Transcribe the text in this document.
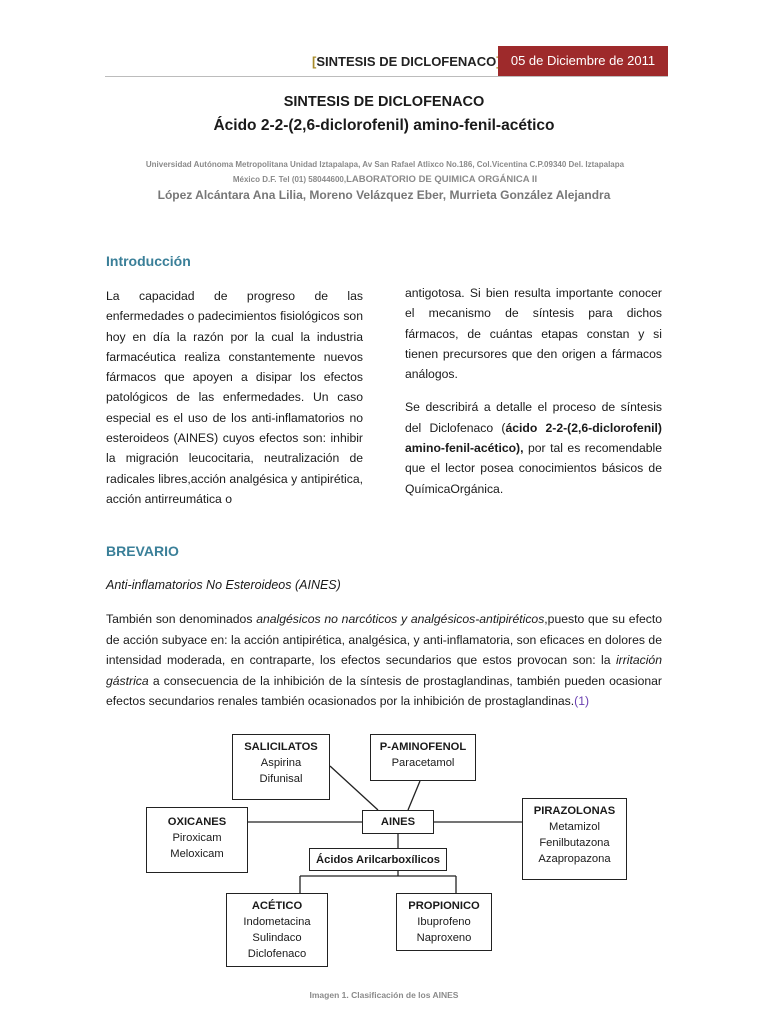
[SINTESIS DE DICLOFENACO	05 de Diciembre de 2011
SINTESIS DE DICLOFENACO
Ácido 2-2-(2,6-diclorofenil) amino-fenil-acético
Universidad Autónoma Metropolitana Unidad Iztapalapa, Av San Rafael Atlixco No.186, Col.Vicentina C.P.09340 Del. Iztapalapa
México D.F. Tel (01) 58044600,LABORATORIO DE QUIMICA ORGÁNICA II
López Alcántara Ana Lilia, Moreno Velázquez Eber, Murrieta González Alejandra
Introducción
La capacidad de progreso de las enfermedades o padecimientos fisiológicos son hoy en día la razón por la cual la industria farmacéutica realiza constantemente nuevos fármacos que apoyen a disipar los efectos patológicos de las enfermedades. Un caso especial es el uso de los anti-inflamatorios no esteroideos (AINES) cuyos efectos son: inhibir la migración leucocitaria, neutralización de radicales libres,acción analgésica y antipirética, acción antirreumática o

antigotosa. Si bien resulta importante conocer el mecanismo de síntesis para dichos fármacos, de cuántas etapas constan y si tienen precursores que den origen a fármacos análogos.

Se describirá a detalle el proceso de síntesis del Diclofenaco (ácido 2-2-(2,6-diclorofenil) amino-fenil-acético), por tal es recomendable que el lector posea conocimientos básicos de QuímicaOrgánica.

BREVARIO
Anti-inflamatorios No Esteroideos (AINES)
También son denominados analgésicos no narcóticos y analgésicos-antipiréticos,puesto que su efecto de acción subyace en: la acción antipirética, analgésica, y anti-inflamatoria, son eficaces en dolores de intensidad moderada, en contraparte, los efectos secundarios que estos provocan son: la irritación gástrica a consecuencia de la inhibición de la síntesis de prostaglandinas, también pueden ocasionar efectos secundarios renales también ocasionados por la inhibición de prostaglandinas.(1)
SALICILATOS
Aspirina
Difunisal
P-AMINOFENOL
Paracetamol
OXICANES
Piroxicam
Meloxicam
AINES
PIRAZOLONAS
Metamizol
Fenilbutazona
Azapropazona
Ácidos Arilcarboxílicos
ACÉTICO
Indometacina
Sulindaco
Diclofenaco
PROPIONICO
Ibuprofeno
Naproxeno
Imagen 1. Clasificación de los AINES
